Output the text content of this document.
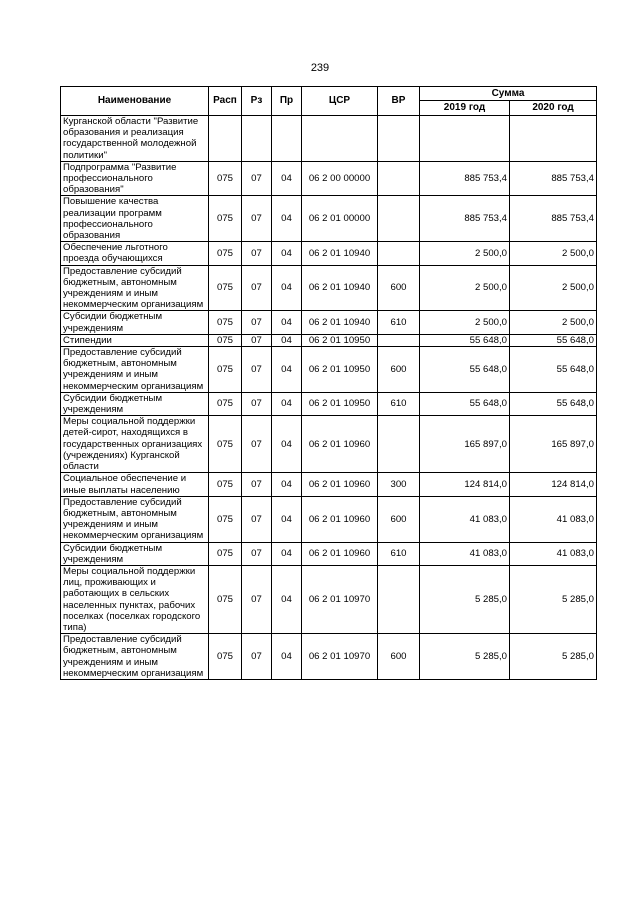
239
Наименование	Расп	Рз	Пр	ЦСР	ВР	Сумма	
						2019 год	2020 год
Курганской области "Развитие образования и реализация государственной молодежной политики"							
Подпрограмма "Развитие профессионального образования"	075	07	04	06 2 00 00000		885 753,4	885 753,4
Повышение качества реализации программ профессионального образования	075	07	04	06 2 01 00000		885 753,4	885 753,4
Обеспечение льготного проезда обучающихся	075	07	04	06 2 01 10940		2 500,0	2 500,0
Предоставление субсидий бюджетным, автономным учреждениям и иным некоммерческим организациям	075	07	04	06 2 01 10940	600	2 500,0	2 500,0
Субсидии бюджетным учреждениям	075	07	04	06 2 01 10940	610	2 500,0	2 500,0
Стипендии	075	07	04	06 2 01 10950		55 648,0	55 648,0
Предоставление субсидий бюджетным, автономным учреждениям и иным некоммерческим организациям	075	07	04	06 2 01 10950	600	55 648,0	55 648,0
Субсидии бюджетным учреждениям	075	07	04	06 2 01 10950	610	55 648,0	55 648,0
Меры социальной поддержки детей-сирот, находящихся в государственных организациях (учреждениях) Курганской области	075	07	04	06 2 01 10960		165 897,0	165 897,0
Социальное обеспечение и иные выплаты населению	075	07	04	06 2 01 10960	300	124 814,0	124 814,0
Предоставление субсидий бюджетным, автономным учреждениям и иным некоммерческим организациям	075	07	04	06 2 01 10960	600	41 083,0	41 083,0
Субсидии бюджетным учреждениям	075	07	04	06 2 01 10960	610	41 083,0	41 083,0
Меры социальной поддержки лиц, проживающих и работающих в сельских населенных пунктах, рабочих поселках (поселках городского типа)	075	07	04	06 2 01 10970		5 285,0	5 285,0
Предоставление субсидий бюджетным, автономным учреждениям и иным некоммерческим организациям	075	07	04	06 2 01 10970	600	5 285,0	5 285,0
